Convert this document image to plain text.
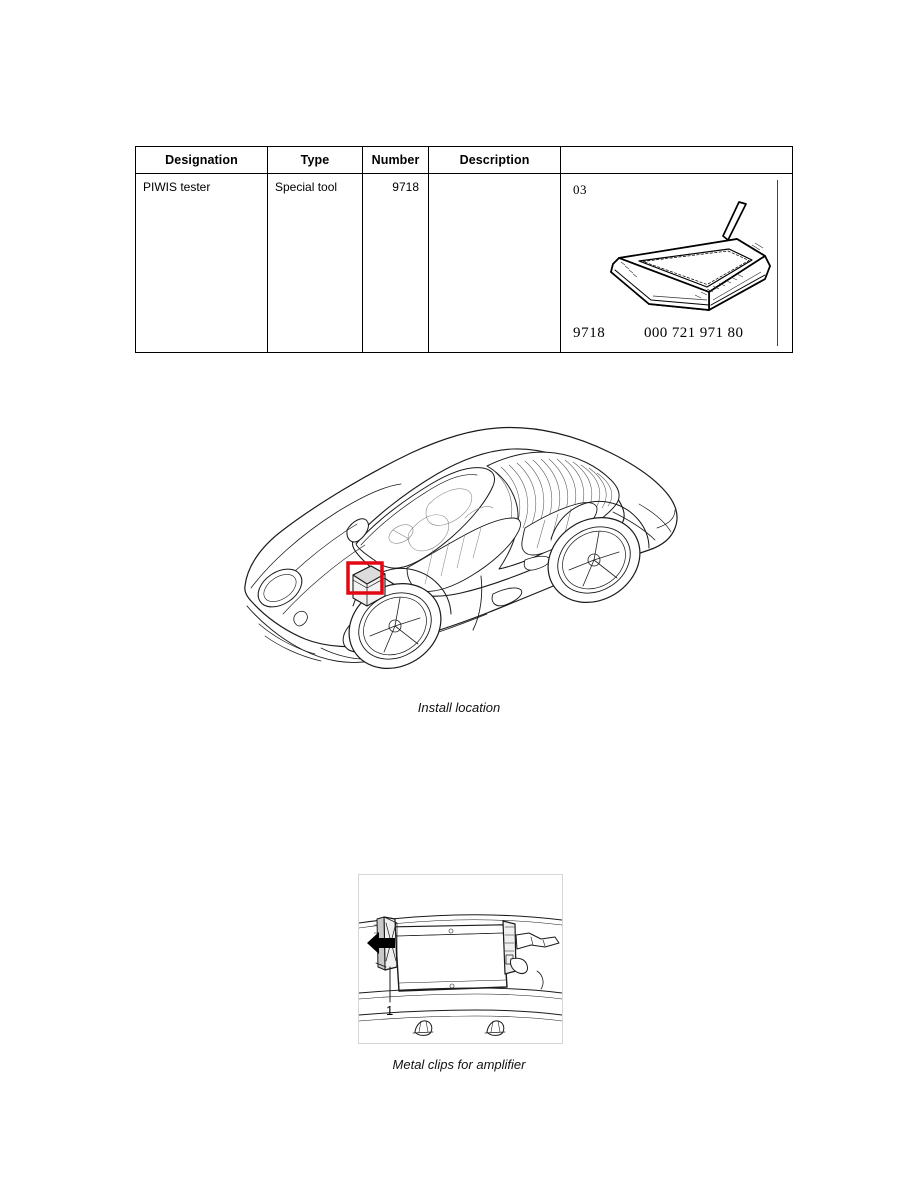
Designation	Type	Number	Description	

PIWIS tester	Special tool	9718		03
9718 000 721 971 80
Install location
1
Metal clips for amplifier
